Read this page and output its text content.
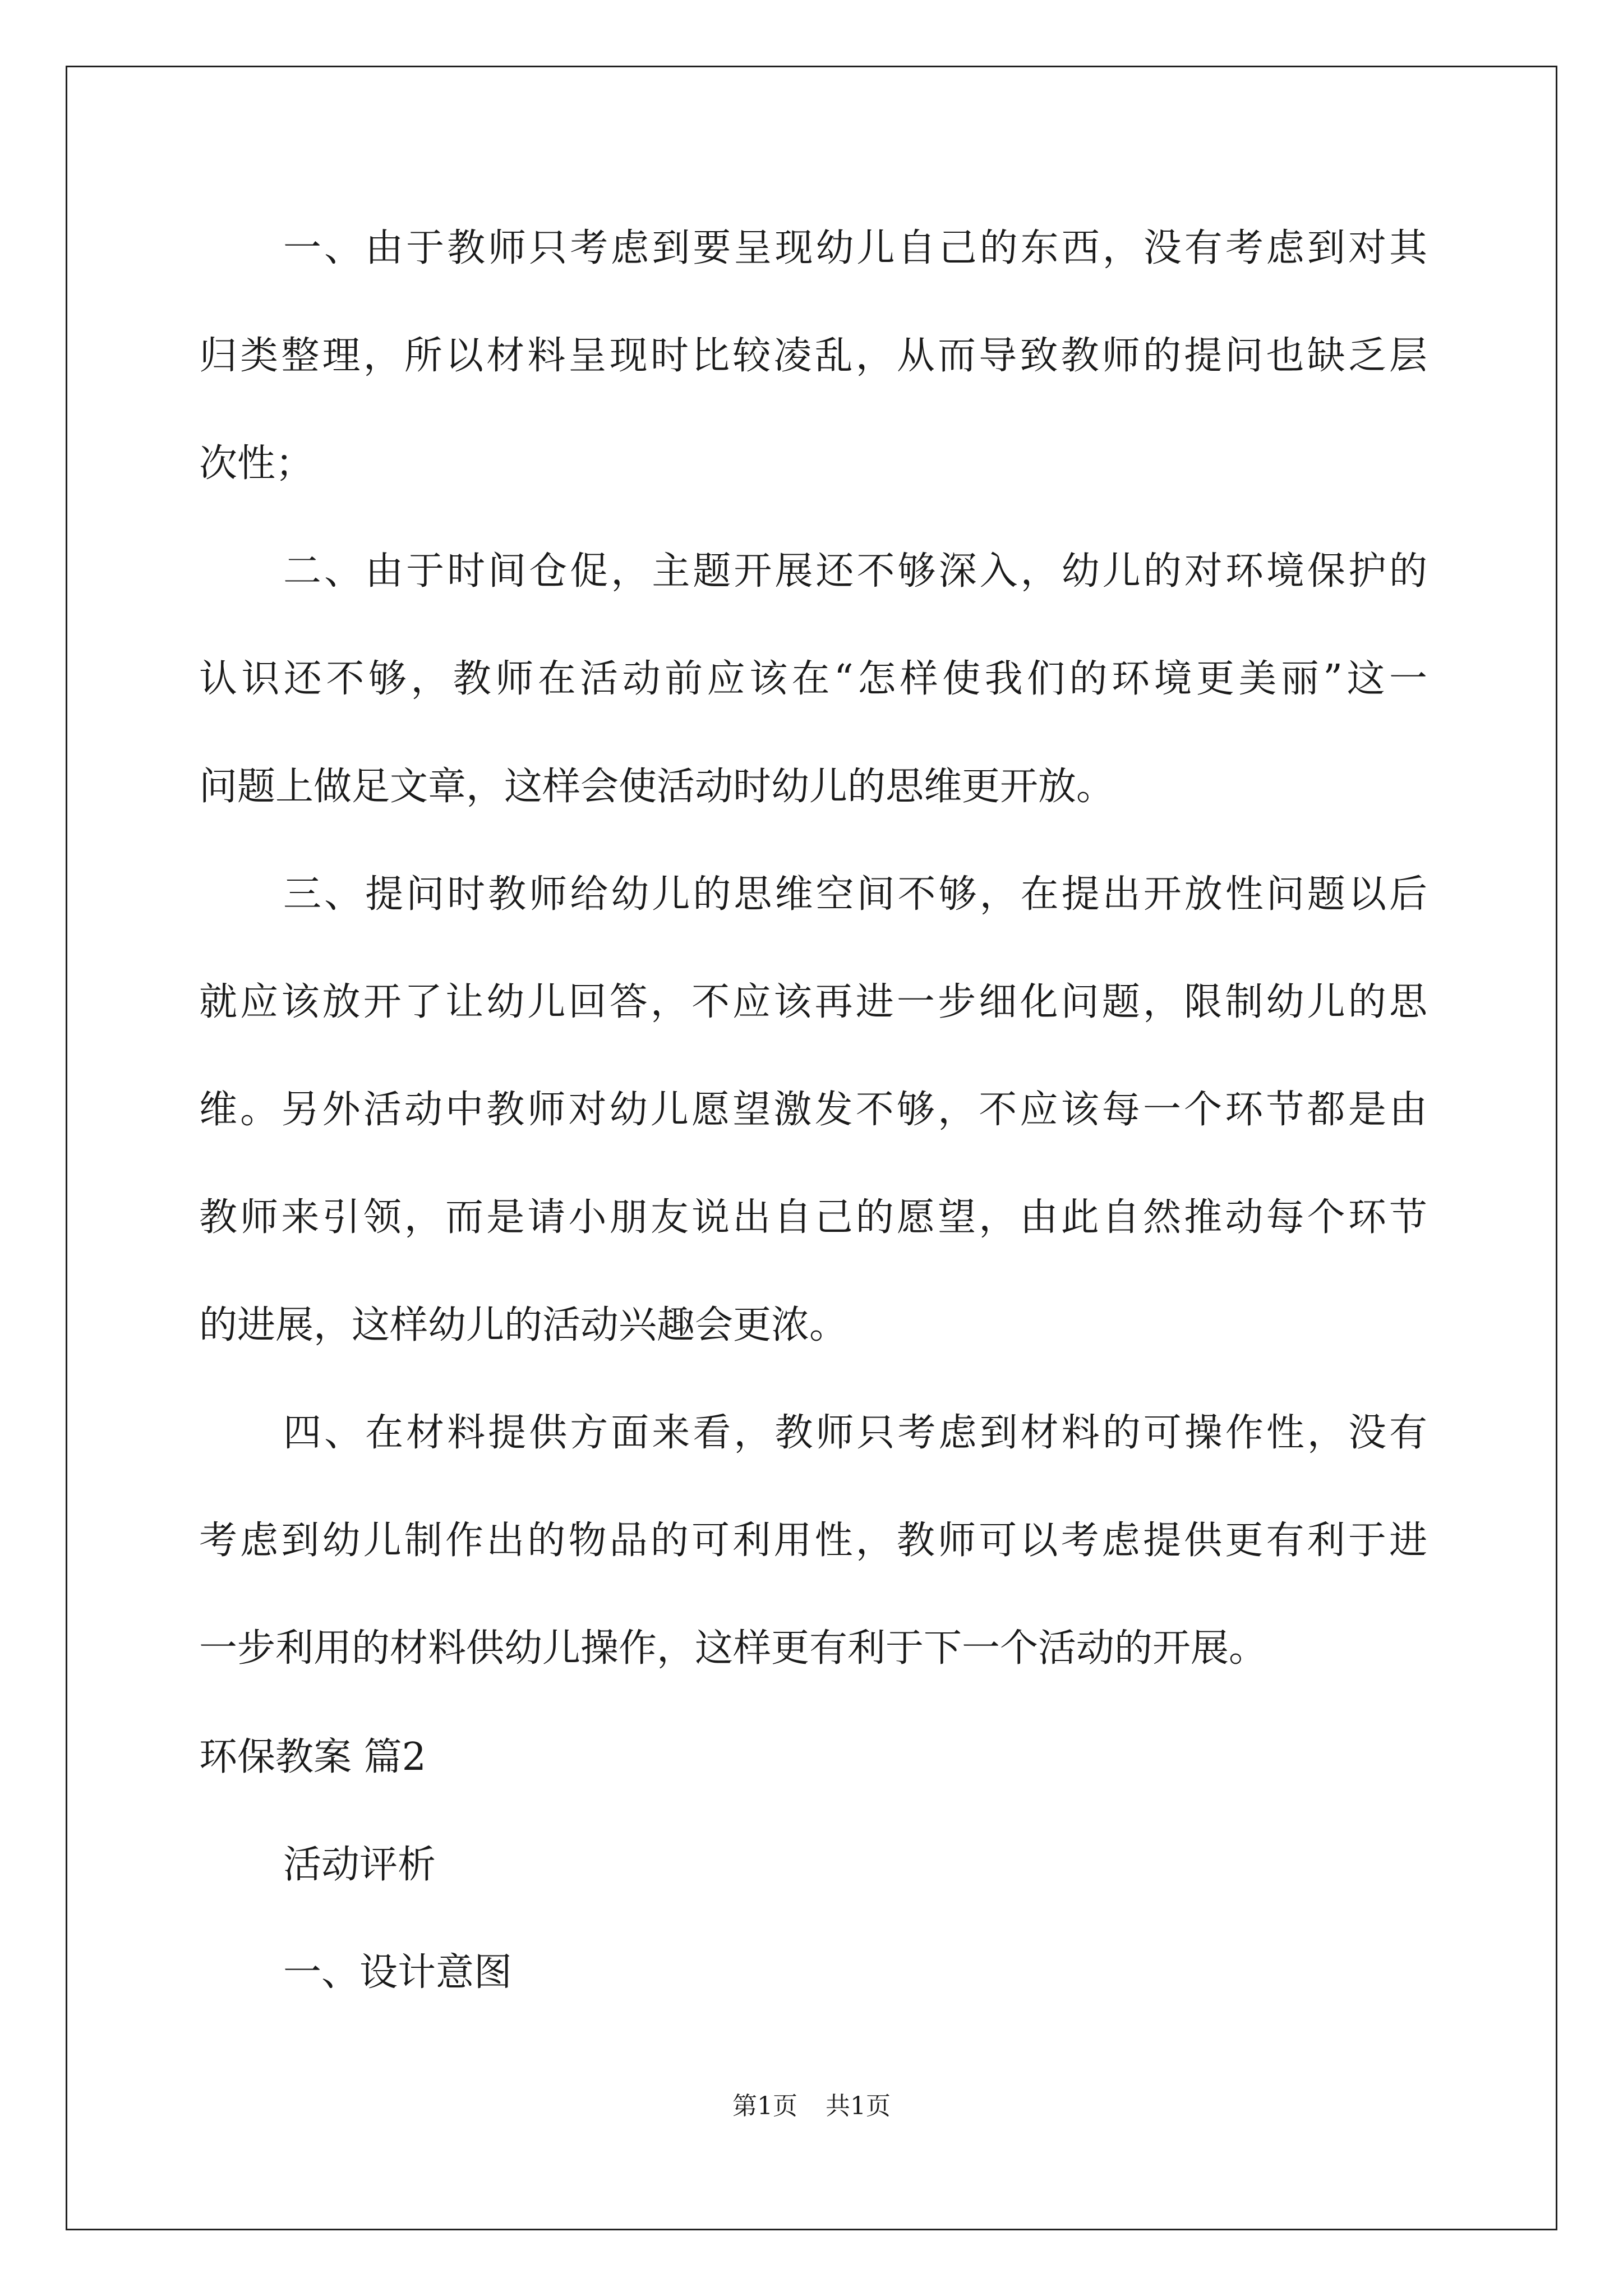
一、由于教师只考虑到要呈现幼儿自己的东西，没有考虑到对其
归类整理，所以材料呈现时比较凌乱，从而导致教师的提问也缺乏层
次性；
二、由于时间仓促，主题开展还不够深入，幼儿的对环境保护的
认识还不够，教师在活动前应该在“怎样使我们的环境更美丽”这一
问题上做足文章，这样会使活动时幼儿的思维更开放。
三、提问时教师给幼儿的思维空间不够，在提出开放性问题以后
就应该放开了让幼儿回答，不应该再进一步细化问题，限制幼儿的思
维。另外活动中教师对幼儿愿望激发不够，不应该每一个环节都是由
教师来引领，而是请小朋友说出自己的愿望，由此自然推动每个环节
的进展，这样幼儿的活动兴趣会更浓。
四、在材料提供方面来看，教师只考虑到材料的可操作性，没有
考虑到幼儿制作出的物品的可利用性，教师可以考虑提供更有利于进
一步利用的材料供幼儿操作，这样更有利于下一个活动的开展。
环保教案 篇2
活动评析
一、设计意图
第1页 共1页
